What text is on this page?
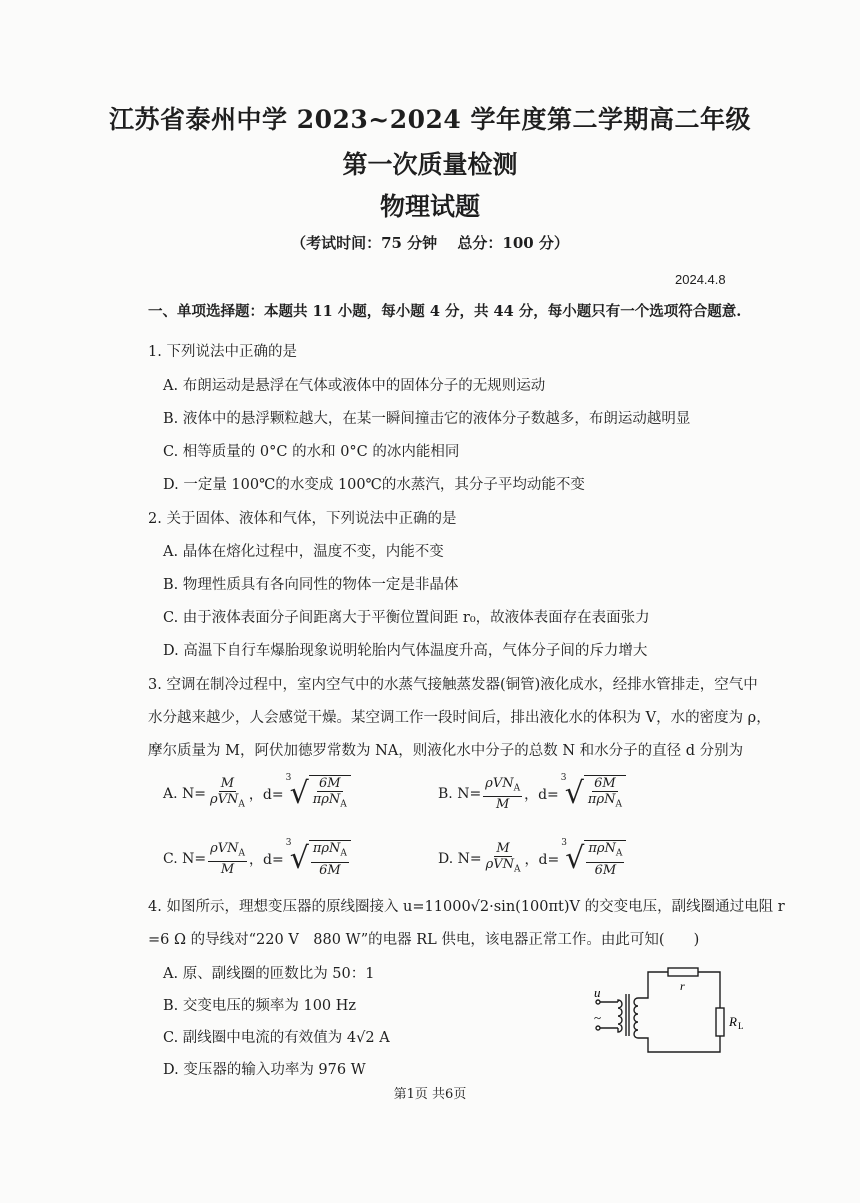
江苏省泰州中学 2023~2024 学年度第二学期高二年级
第一次质量检测
物理试题
（考试时间：75 分钟　 总分：100 分）
2024.4.8
一、单项选择题：本题共 11 小题，每小题 4 分，共 44 分，每小题只有一个选项符合题意.
1. 下列说法中正确的是
A. 布朗运动是悬浮在气体或液体中的固体分子的无规则运动
B. 液体中的悬浮颗粒越大，在某一瞬间撞击它的液体分子数越多，布朗运动越明显
C. 相等质量的 0°C 的水和 0°C 的冰内能相同
D. 一定量 100℃的水变成 100℃的水蒸汽，其分子平均动能不变
2. 关于固体、液体和气体，下列说法中正确的是
A. 晶体在熔化过程中，温度不变，内能不变
B. 物理性质具有各向同性的物体一定是非晶体
C. 由于液体表面分子间距离大于平衡位置间距 r₀，故液体表面存在表面张力
D. 高温下自行车爆胎现象说明轮胎内气体温度升高，气体分子间的斥力增大
3. 空调在制冷过程中，室内空气中的水蒸气接触蒸发器(铜管)液化成水，经排水管排走，空气中
水分越来越少，人会感觉干燥。某空调工作一段时间后，排出液化水的体积为 V，水的密度为 ρ，
摩尔质量为 M，阿伏加德罗常数为 NA，则液化水中分子的总数 N 和水分子的直径 d 分别为
A. $N= \frac{M}{\rho VN_A}$ ，d=
3
√ $\frac{6M}{\pi\rho N_A}$	B. $N= \frac{\rho VN_A}{M}$ ，d=
3
√ $\frac{6M}{\pi\rho N_A}$
C. $N= \frac{\rho VN_A}{M}$ ，d=
3
√ $\frac{\pi\rho N_A}{6M}$	D. $N= \frac{M}{\rho VN_A}$ ，d=
3
√ $\frac{\pi\rho N_A}{6M}$
4. 如图所示，理想变压器的原线圈接入 u=11000√2·sin(100πt)V 的交变电压，副线圈通过电阻 r
=6 Ω 的导线对“220 V　880 W”的电器 RL 供电，该电器正常工作。由此可知(　　)
A. 原、副线圈的匝数比为 50：1
B. 交变电压的频率为 100 Hz
C. 副线圈中电流的有效值为 4√2 A
D. 变压器的输入功率为 976 W
u
~
r
R L
第1页 共6页
